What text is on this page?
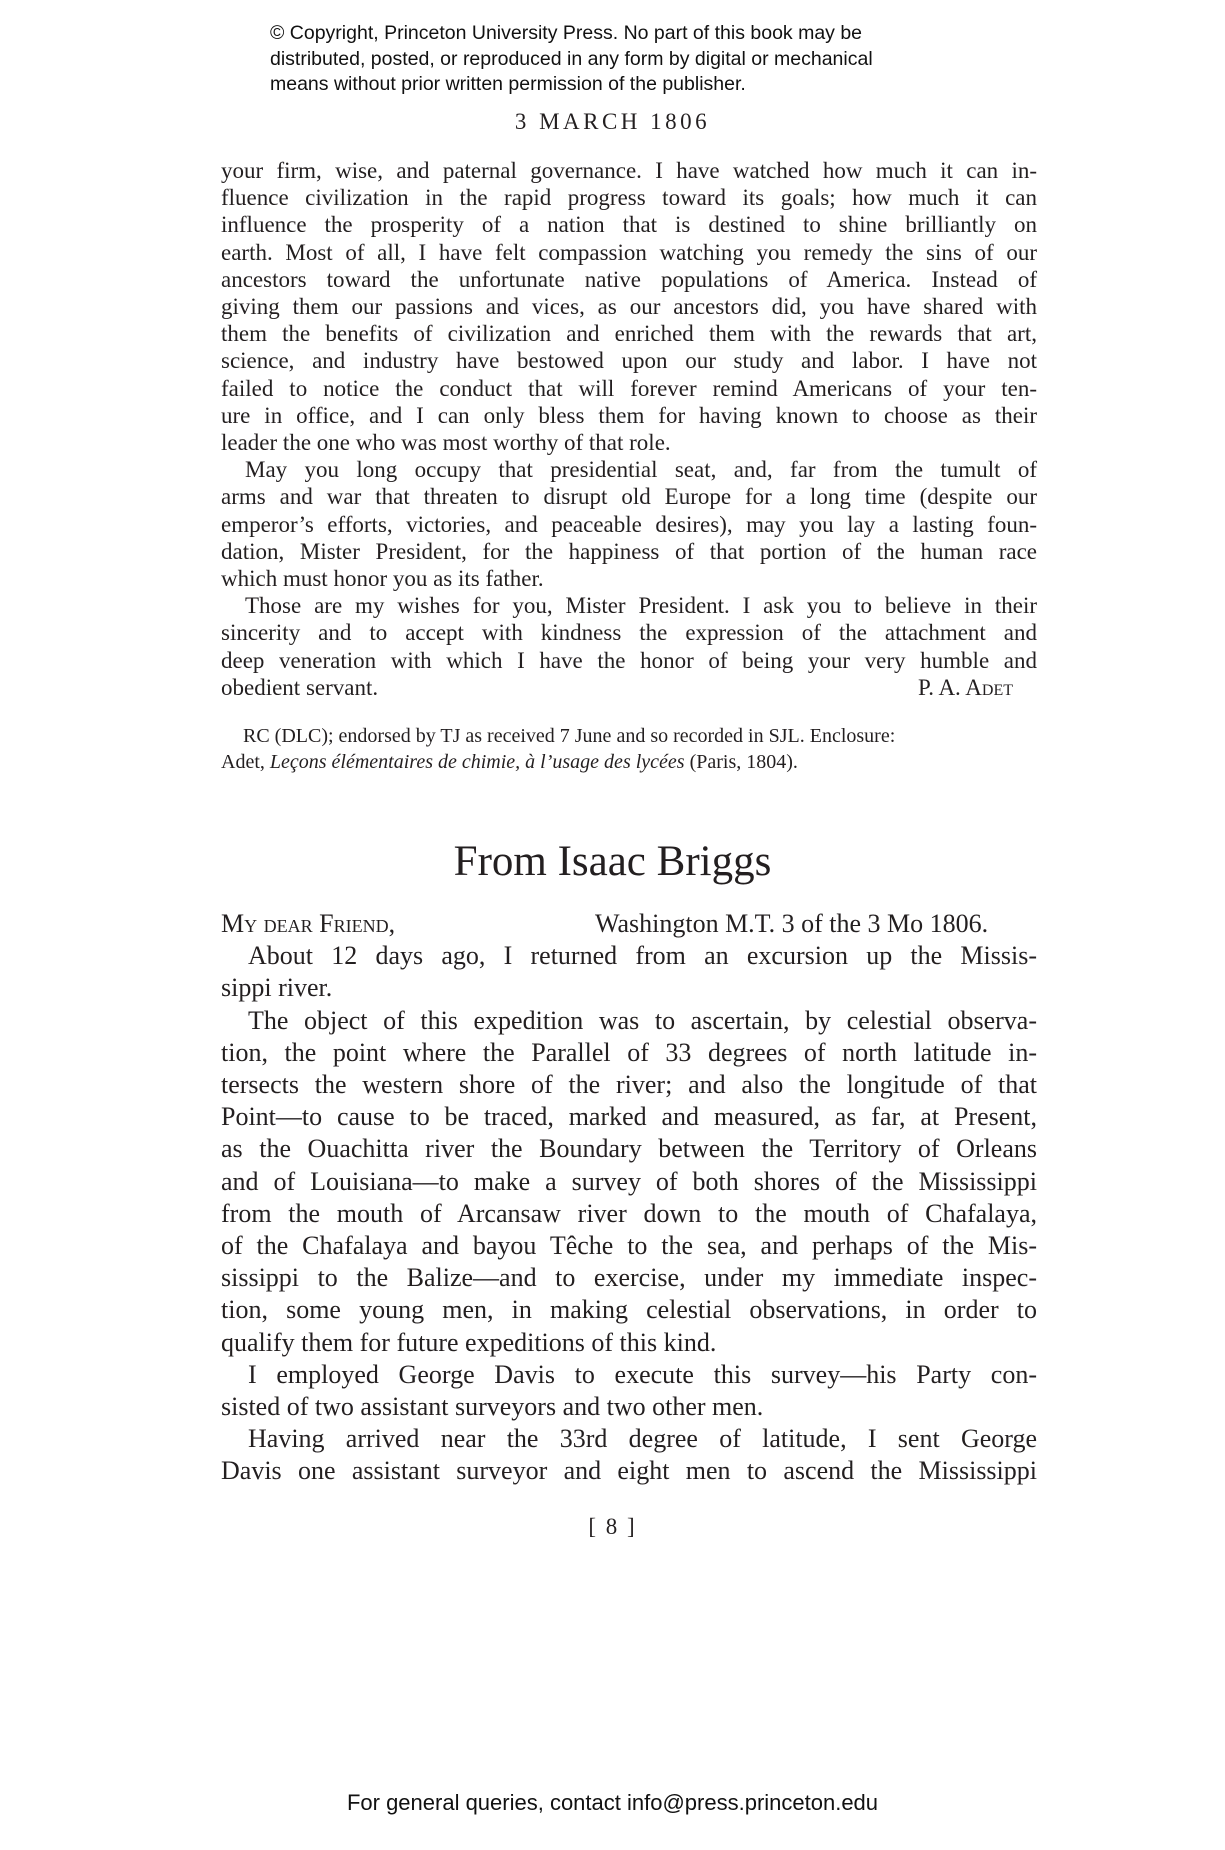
© Copyright, Princeton University Press. No part of this book may be
distributed, posted, or reproduced in any form by digital or mechanical
means without prior written permission of the publisher.
3 MARCH 1806
your firm, wise, and paternal governance. I have watched how much it can in-
fluence civilization in the rapid progress toward its goals; how much it can
influence the prosperity of a nation that is destined to shine brilliantly on
earth. Most of all, I have felt compassion watching you remedy the sins of our
ancestors toward the unfortunate native populations of America. Instead of
giving them our passions and vices, as our ancestors did, you have shared with
them the benefits of civilization and enriched them with the rewards that art,
science, and industry have bestowed upon our study and labor. I have not
failed to notice the conduct that will forever remind Americans of your ten-
ure in office, and I can only bless them for having known to choose as their
leader the one who was most worthy of that role.
May you long occupy that presidential seat, and, far from the tumult of
arms and war that threaten to disrupt old Europe for a long time (despite our
emperor’s efforts, victories, and peaceable desires), may you lay a lasting foun-
dation, Mister President, for the happiness of that portion of the human race
which must honor you as its father.
Those are my wishes for you, Mister President. I ask you to believe in their
sincerity and to accept with kindness the expression of the attachment and
deep veneration with which I have the honor of being your very humble and
obedient servant.	P. A. Adet
RC (DLC); endorsed by TJ as received 7 June and so recorded in SJL. Enclosure:
Adet, Leçons élémentaires de chimie, à l’usage des lycées (Paris, 1804).
From Isaac Briggs
My dear Friend,	Washington M.T. 3 of the 3 Mo 1806.
About 12 days ago, I returned from an excursion up the Missis-
sippi river.
The object of this expedition was to ascertain, by celestial observa-
tion, the point where the Parallel of 33 degrees of north latitude in-
tersects the western shore of the river; and also the longitude of that
Point—to cause to be traced, marked and measured, as far, at Present,
as the Ouachitta river the Boundary between the Territory of Orleans
and of Louisiana—to make a survey of both shores of the Mississippi
from the mouth of Arcansaw river down to the mouth of Chafalaya,
of the Chafalaya and bayou Têche to the sea, and perhaps of the Mis-
sissippi to the Balize—and to exercise, under my immediate inspec-
tion, some young men, in making celestial observations, in order to
qualify them for future expeditions of this kind.
I employed George Davis to execute this survey—his Party con-
sisted of two assistant surveyors and two other men.
Having arrived near the 33rd degree of latitude, I sent George
Davis one assistant surveyor and eight men to ascend the Mississippi
[ 8 ]
For general queries, contact info@press.princeton.edu
